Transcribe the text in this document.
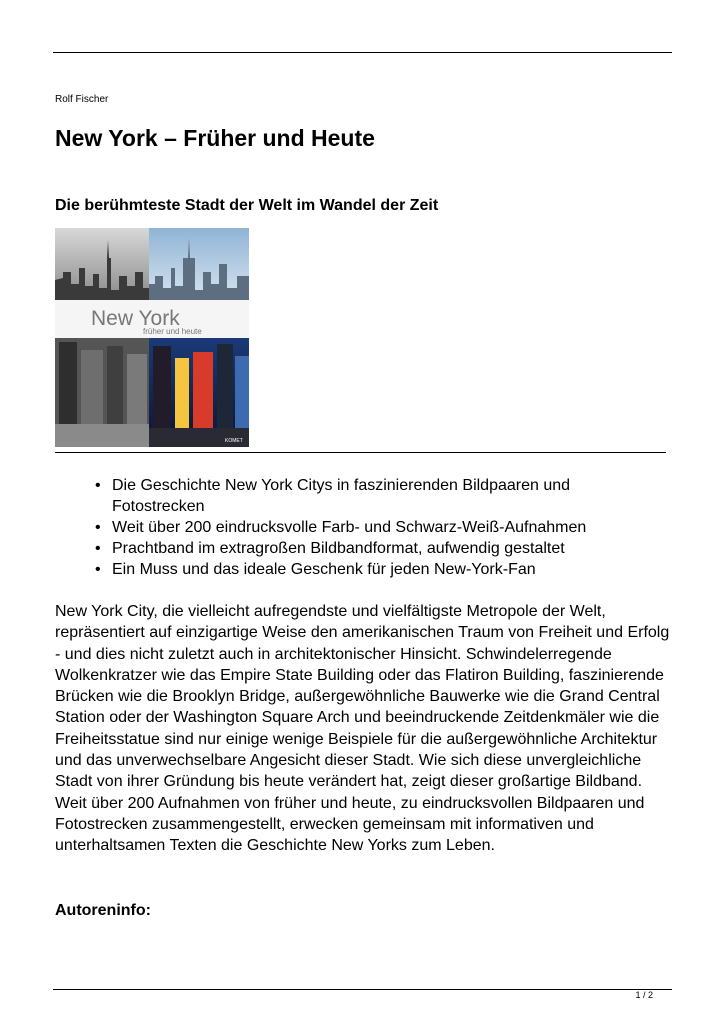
Rolf Fischer
New York – Früher und Heute
Die berühmteste Stadt der Welt im Wandel der Zeit
New York
früher und heute
KOMET
• Die Geschichte New York Citys in faszinierenden Bildpaaren und Fotostrecken
• Weit über 200 eindrucksvolle Farb- und Schwarz-Weiß-Aufnahmen
• Prachtband im extragroßen Bildbandformat, aufwendig gestaltet
• Ein Muss und das ideale Geschenk für jeden New-York-Fan

New York City, die vielleicht aufregendste und vielfältigste Metropole der Welt, repräsentiert auf einzigartige Weise den amerikanischen Traum von Freiheit und Erfolg - und dies nicht zuletzt auch in architektonischer Hinsicht. Schwindelerregende Wolkenkratzer wie das Empire State Building oder das Flatiron Building, faszinierende Brücken wie die Brooklyn Bridge, außergewöhnliche Bauwerke wie die Grand Central Station oder der Washington Square Arch und beeindruckende Zeitdenkmäler wie die Freiheitsstatue sind nur einige wenige Beispiele für die außergewöhnliche Architektur und das unverwechselbare Angesicht dieser Stadt. Wie sich diese unvergleichliche Stadt von ihrer Gründung bis heute verändert hat, zeigt dieser großartige Bildband. Weit über 200 Aufnahmen von früher und heute, zu eindrucksvollen Bildpaaren und Fotostrecken zusammengestellt, erwecken gemeinsam mit informativen und unterhaltsamen Texten die Geschichte New Yorks zum Leben.

Autoreninfo:
1 / 2
